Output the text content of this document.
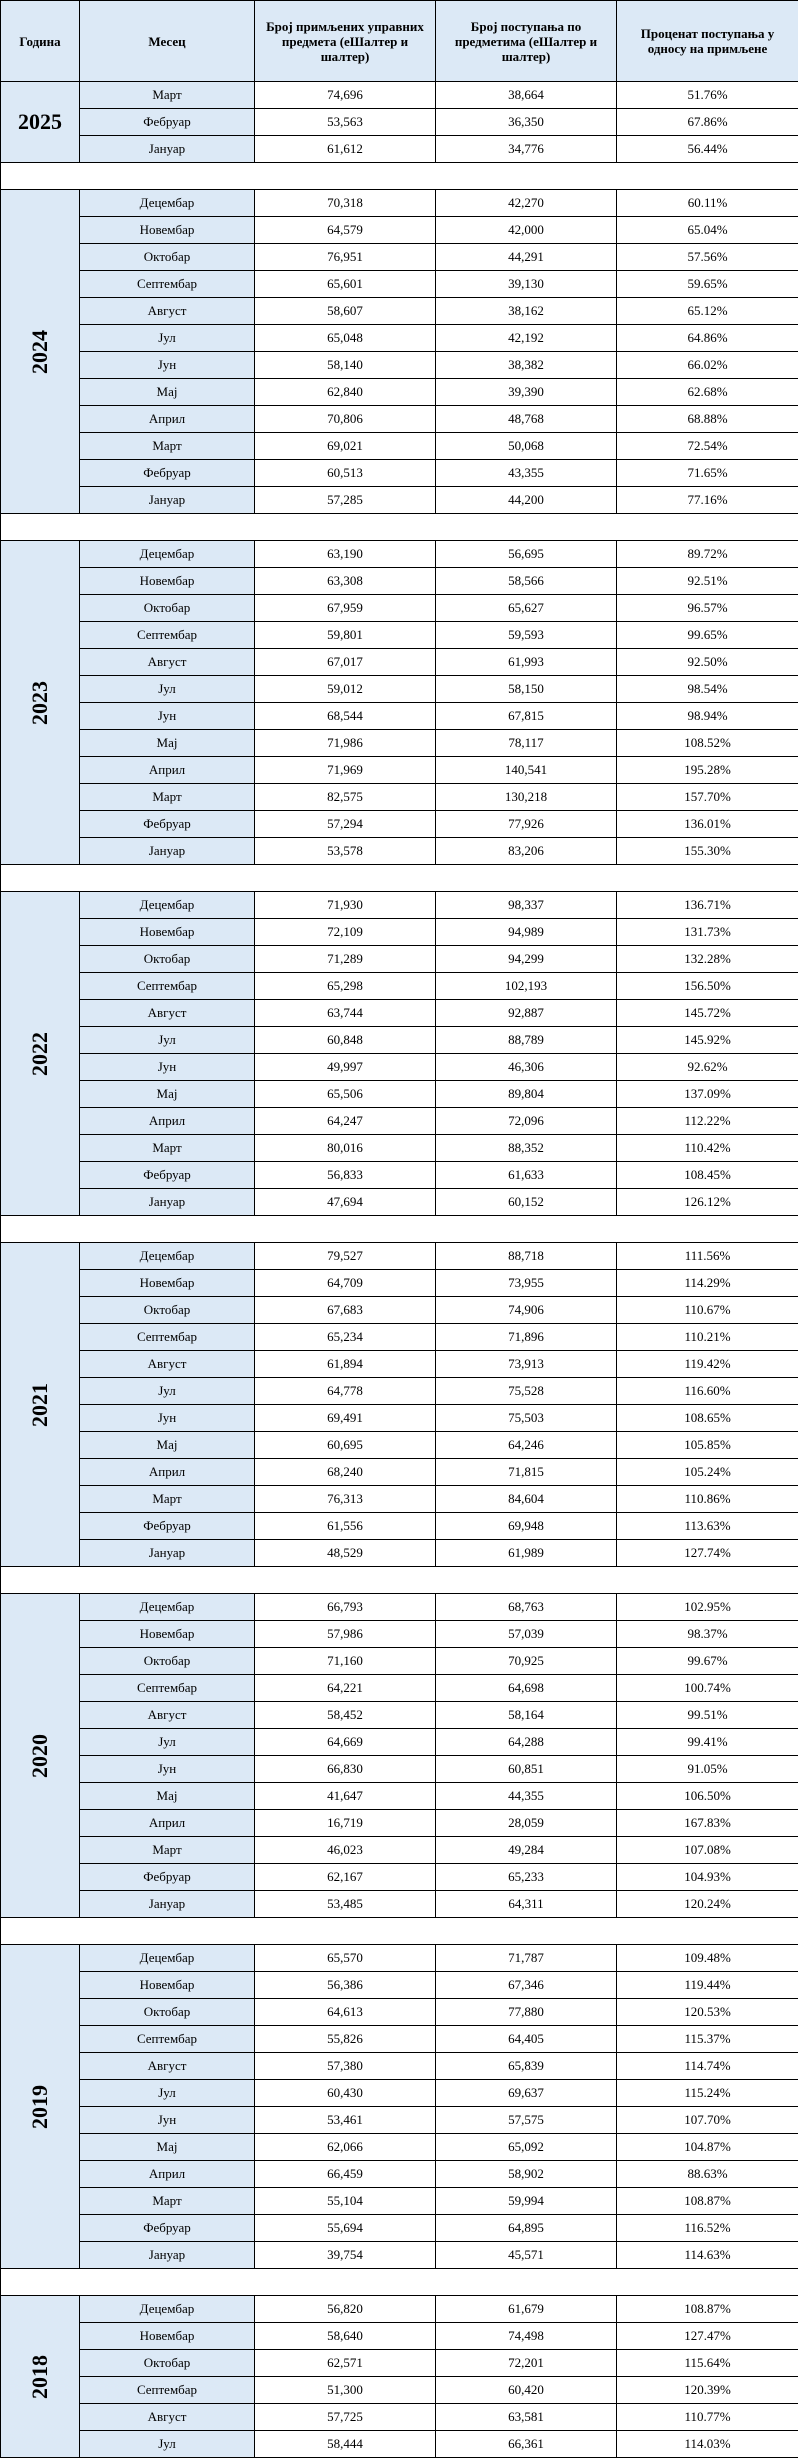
Година	Месец	Број примљених управних предмета (еШалтер и шалтер)	Број поступања по предметима (еШалтер и шалтер)	Проценат поступања у односу на примљене
2025	Март	74,696	38,664	51.76%
	Фебруар	53,563	36,350	67.86%
	Јануар	61,612	34,776	56.44%

2024	Децембар	70,318	42,270	60.11%
	Новембар	64,579	42,000	65.04%
	Октобар	76,951	44,291	57.56%
	Септембар	65,601	39,130	59.65%
	Август	58,607	38,162	65.12%
	Јул	65,048	42,192	64.86%
	Јун	58,140	38,382	66.02%
	Мај	62,840	39,390	62.68%
	Април	70,806	48,768	68.88%
	Март	69,021	50,068	72.54%
	Фебруар	60,513	43,355	71.65%
	Јануар	57,285	44,200	77.16%

2023	Децембар	63,190	56,695	89.72%
	Новембар	63,308	58,566	92.51%
	Октобар	67,959	65,627	96.57%
	Септембар	59,801	59,593	99.65%
	Август	67,017	61,993	92.50%
	Јул	59,012	58,150	98.54%
	Јун	68,544	67,815	98.94%
	Мај	71,986	78,117	108.52%
	Април	71,969	140,541	195.28%
	Март	82,575	130,218	157.70%
	Фебруар	57,294	77,926	136.01%
	Јануар	53,578	83,206	155.30%

2022	Децембар	71,930	98,337	136.71%
	Новембар	72,109	94,989	131.73%
	Октобар	71,289	94,299	132.28%
	Септембар	65,298	102,193	156.50%
	Август	63,744	92,887	145.72%
	Јул	60,848	88,789	145.92%
	Јун	49,997	46,306	92.62%
	Мај	65,506	89,804	137.09%
	Април	64,247	72,096	112.22%
	Март	80,016	88,352	110.42%
	Фебруар	56,833	61,633	108.45%
	Јануар	47,694	60,152	126.12%

2021	Децембар	79,527	88,718	111.56%
	Новембар	64,709	73,955	114.29%
	Октобар	67,683	74,906	110.67%
	Септембар	65,234	71,896	110.21%
	Август	61,894	73,913	119.42%
	Јул	64,778	75,528	116.60%
	Јун	69,491	75,503	108.65%
	Мај	60,695	64,246	105.85%
	Април	68,240	71,815	105.24%
	Март	76,313	84,604	110.86%
	Фебруар	61,556	69,948	113.63%
	Јануар	48,529	61,989	127.74%

2020	Децембар	66,793	68,763	102.95%
	Новембар	57,986	57,039	98.37%
	Октобар	71,160	70,925	99.67%
	Септембар	64,221	64,698	100.74%
	Август	58,452	58,164	99.51%
	Јул	64,669	64,288	99.41%
	Јун	66,830	60,851	91.05%
	Мај	41,647	44,355	106.50%
	Април	16,719	28,059	167.83%
	Март	46,023	49,284	107.08%
	Фебруар	62,167	65,233	104.93%
	Јануар	53,485	64,311	120.24%

2019	Децембар	65,570	71,787	109.48%
	Новембар	56,386	67,346	119.44%
	Октобар	64,613	77,880	120.53%
	Септембар	55,826	64,405	115.37%
	Август	57,380	65,839	114.74%
	Јул	60,430	69,637	115.24%
	Јун	53,461	57,575	107.70%
	Мај	62,066	65,092	104.87%
	Април	66,459	58,902	88.63%
	Март	55,104	59,994	108.87%
	Фебруар	55,694	64,895	116.52%
	Јануар	39,754	45,571	114.63%

2018	Децембар	56,820	61,679	108.87%
	Новембар	58,640	74,498	127.47%
	Октобар	62,571	72,201	115.64%
	Септембар	51,300	60,420	120.39%
	Август	57,725	63,581	110.77%
	Јул	58,444	66,361	114.03%
